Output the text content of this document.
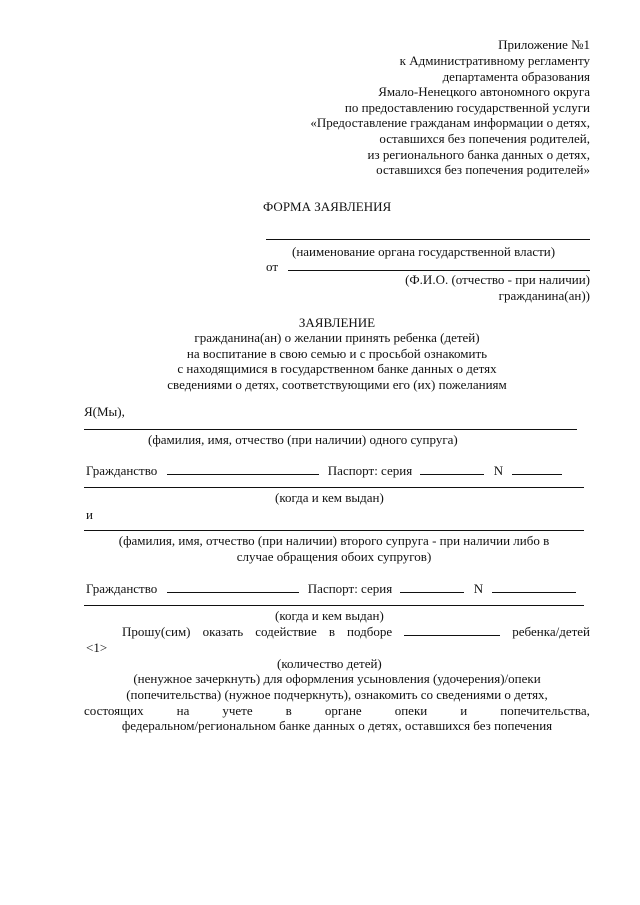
Приложение №1
к Административному регламенту
департамента образования
Ямало-Ненецкого автономного округа
по предоставлению государственной услуги
«Предоставление гражданам информации о детях,
оставшихся без попечения родителей,
из регионального банка данных о детях,
оставшихся без попечения родителей»
ФОРМА ЗАЯВЛЕНИЯ
(наименование органа государственной власти)
от
(Ф.И.О. (отчество - при наличии)
гражданина(ан))
ЗАЯВЛЕНИЕ
гражданина(ан) о желании принять ребенка (детей)
на воспитание в свою семью и с просьбой ознакомить
с находящимися в государственном банке данных о детях
сведениями о детях, соответствующими его (их) пожеланиям
Я(Мы),
(фамилия, имя, отчество (при наличии) одного супруга)
Гражданство	Паспорт: серия	N
(когда и кем выдан)
и
(фамилия, имя, отчество (при наличии) второго супруга - при наличии либо в
случае обращения обоих супругов)
Гражданство	Паспорт: серия	N
(когда и кем выдан)
Прошу(сим) оказать содействие в подборе	ребенка/детей
<1>
(количество детей)
(ненужное зачеркнуть) для оформления усыновления (удочерения)/опеки
(попечительства) (нужное подчеркнуть), ознакомить со сведениями о детях,
состоящих	на	учете	в	органе	опеки	и	попечительства,
федеральном/региональном банке данных о детях, оставшихся без попечения
